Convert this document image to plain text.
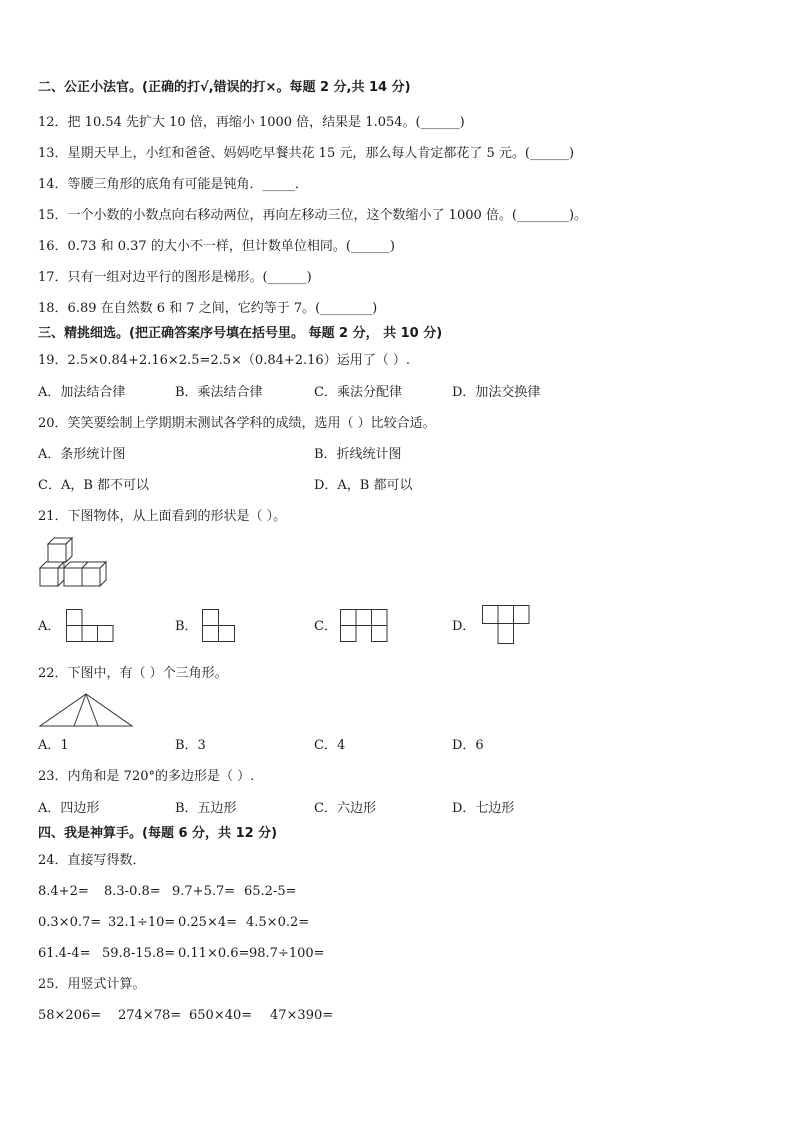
二、公正小法官。(正确的打√,错误的打×。每题 2 分,共 14 分)
12．把 10.54 先扩大 10 倍，再缩小 1000 倍，结果是 1.054。(______)
13．星期天早上，小红和爸爸、妈妈吃早餐共花 15 元，那么每人肯定都花了 5 元。(______)
14．等腰三角形的底角有可能是钝角．_____．
15．一个小数的小数点向右移动两位，再向左移动三位，这个数缩小了 1000 倍。(________)。
16．0.73 和 0.37 的大小不一样，但计数单位相同。(______)
17．只有一组对边平行的图形是梯形。(______)
18．6.89 在自然数 6 和 7 之间，它约等于 7。(________)
三、精挑细选。(把正确答案序号填在括号里。 每题 2 分， 共 10 分)
19．2.5×0.84+2.16×2.5=2.5×（0.84+2.16）运用了（ ）.
A．加法结合律	B．乘法结合律	C．乘法分配律	D．加法交换律
20．笑笑要绘制上学期期末测试各学科的成绩，选用（ ）比较合适。
A．条形统计图	B．折线统计图
C．A，B 都不可以	D．A，B 都可以
21．下图物体，从上面看到的形状是（ ）。
A．	B．	C．	D．
22．下图中，有（ ）个三角形。
A．1	B．3	C．4	D．6
23．内角和是 720°的多边形是（ ）.
A．四边形	B．五边形	C．六边形	D．七边形
四、我是神算手。(每题 6 分，共 12 分)
24．直接写得数．
8.4+2= 8.3-0.8= 9.7+5.7= 65.2-5=
0.3×0.7= 32.1÷10= 0.25×4= 4.5×0.2=
61.4-4= 59.8-15.8= 0.11×0.6= 98.7÷100=
25．用竖式计算。
58×206= 274×78= 650×40= 47×390=
